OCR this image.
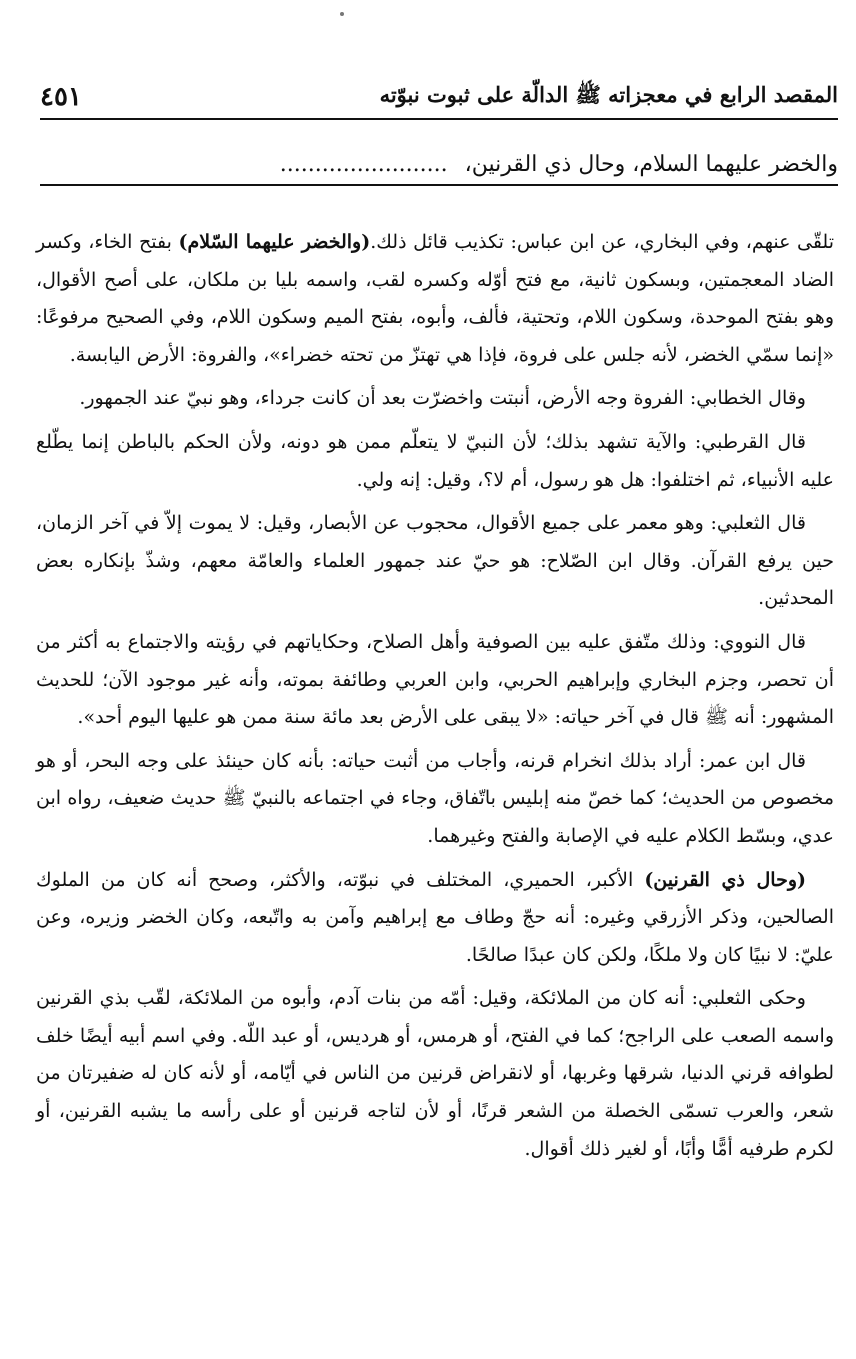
المقصد الرابع في معجزاته ﷺ الدالّة على ثبوت نبوّته
٤٥١
والخضر عليهما السلام، وحال ذي القرنين، ........................

تلقّى عنهم، وفي البخاري، عن ابن عباس: تكذيب قائل ذلك.(والخضر عليهما السّلام) بفتح الخاء، وكسر الضاد المعجمتين، وبسكون ثانية، مع فتح أوّله وكسره لقب، واسمه بليا بن ملكان، على أصح الأقوال، وهو بفتح الموحدة، وسكون اللام، وتحتية، فألف، وأبوه، بفتح الميم وسكون اللام، وفي الصحيح مرفوعًا: «إنما سمّي الخضر، لأنه جلس على فروة، فإذا هي تهتزّ من تحته خضراء»، والفروة: الأرض اليابسة.

وقال الخطابي: الفروة وجه الأرض، أنبتت واخضرّت بعد أن كانت جرداء، وهو نبيّ عند الجمهور.

قال القرطبي: والآية تشهد بذلك؛ لأن النبيّ لا يتعلّم ممن هو دونه، ولأن الحكم بالباطن إنما يطّلع عليه الأنبياء، ثم اختلفوا: هل هو رسول، أم لا؟، وقيل: إنه ولي.

قال الثعلبي: وهو معمر على جميع الأقوال، محجوب عن الأبصار، وقيل: لا يموت إلاّ في آخر الزمان، حين يرفع القرآن. وقال ابن الصّلاح: هو حيّ عند جمهور العلماء والعامّة معهم، وشذّ بإنكاره بعض المحدثين.

قال النووي: وذلك متّفق عليه بين الصوفية وأهل الصلاح، وحكاياتهم في رؤيته والاجتماع به أكثر من أن تحصر، وجزم البخاري وإبراهيم الحربي، وابن العربي وطائفة بموته، وأنه غير موجود الآن؛ للحديث المشهور: أنه ﷺ قال في آخر حياته: «لا يبقى على الأرض بعد مائة سنة ممن هو عليها اليوم أحد».

قال ابن عمر: أراد بذلك انخرام قرنه، وأجاب من أثبت حياته: بأنه كان حينئذ على وجه البحر، أو هو مخصوص من الحديث؛ كما خصّ منه إبليس باتّفاق، وجاء في اجتماعه بالنبيّ ﷺ حديث ضعيف، رواه ابن عدي، وبسّط الكلام عليه في الإصابة والفتح وغيرهما.

(وحال ذي القرنين) الأكبر، الحميري، المختلف في نبوّته، والأكثر، وصحح أنه كان من الملوك الصالحين، وذكر الأزرقي وغيره: أنه حجّ وطاف مع إبراهيم وآمن به واتّبعه، وكان الخضر وزيره، وعن عليّ: لا نبيًا كان ولا ملكًا، ولكن كان عبدًا صالحًا.

وحكى الثعلبي: أنه كان من الملائكة، وقيل: أمّه من بنات آدم، وأبوه من الملائكة، لقّب بذي القرنين واسمه الصعب على الراجح؛ كما في الفتح، أو هرمس، أو هرديس، أو عبد اللّه. وفي اسم أبيه أيضًا خلف لطوافه قرني الدنيا، شرقها وغربها، أو لانقراض قرنين من الناس في أيّامه، أو لأنه كان له ضفيرتان من شعر، والعرب تسمّى الخصلة من الشعر قرنًا، أو لأن لتاجه قرنين أو على رأسه ما يشبه القرنين، أو لكرم طرفيه أمًّا وأبًا، أو لغير ذلك أقوال.
